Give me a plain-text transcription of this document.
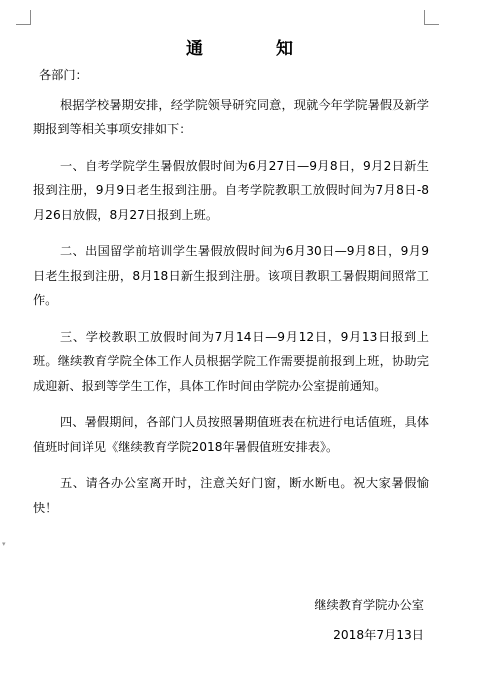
通　知

各部门：

根据学校暑期安排，经学院领导研究同意，现就今年学院暑假及新学期报到等相关事项安排如下：

一、自考学院学生暑假放假时间为6月27日—9月8日，9月2日新生报到注册，9月9日老生报到注册。自考学院教职工放假时间为7月8日-8月26日放假，8月27日报到上班。

二、出国留学前培训学生暑假放假时间为6月30日—9月8日，9月9日老生报到注册，8月18日新生报到注册。该项目教职工暑假期间照常工作。

三、学校教职工放假时间为7月14日—9月12日，9月13日报到上班。继续教育学院全体工作人员根据学院工作需要提前报到上班，协助完成迎新、报到等学生工作，具体工作时间由学院办公室提前通知。

四、暑假期间，各部门人员按照暑期值班表在杭进行电话值班，具体值班时间详见《继续教育学院2018年暑假值班安排表》。

五、请各办公室离开时，注意关好门窗，断水断电。祝大家暑假愉快！

继续教育学院办公室
2018年7月13日
▾
